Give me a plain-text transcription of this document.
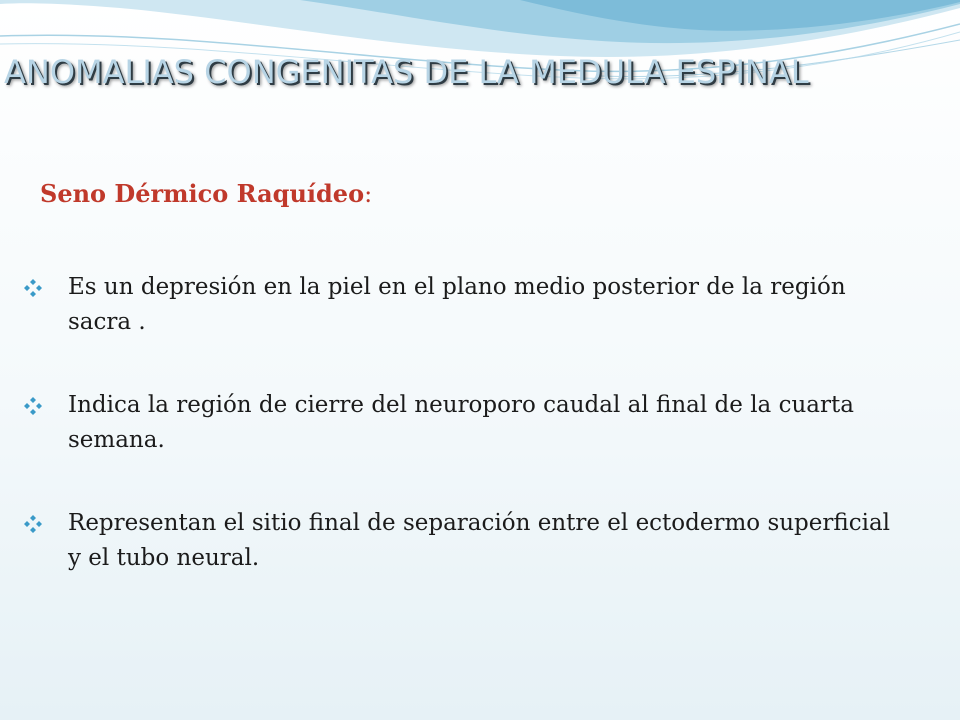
ANOMALIAS CONGENITAS DE LA MEDULA ESPINAL
Seno Dérmico Raquídeo:
Es un depresión en la piel en el plano medio posterior de la región sacra .
Indica la región de cierre del neuroporo caudal al final de la cuarta semana.
Representan el sitio final de separación entre el ectodermo superficial y el tubo neural.
